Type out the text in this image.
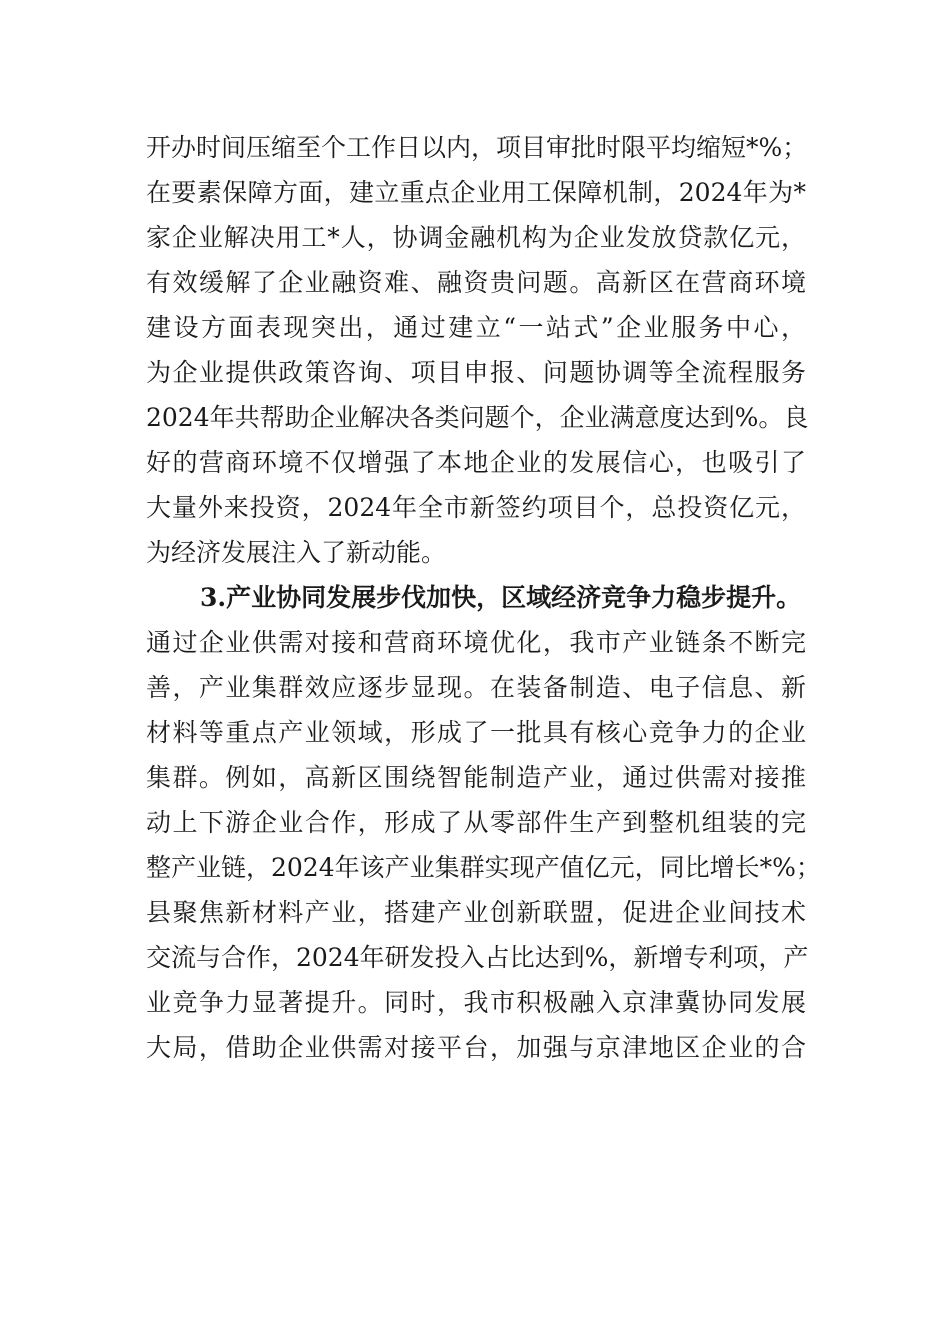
开办时间压缩至个工作日以内，项目审批时限平均缩短*%；
在要素保障方面，建立重点企业用工保障机制，2024年为*
家企业解决用工*人，协调金融机构为企业发放贷款亿元，
有效缓解了企业融资难、融资贵问题。高新区在营商环境
建设方面表现突出，通过建立“一站式”企业服务中心，
为企业提供政策咨询、项目申报、问题协调等全流程服务
2024年共帮助企业解决各类问题个，企业满意度达到%。良
好的营商环境不仅增强了本地企业的发展信心，也吸引了
大量外来投资，2024年全市新签约项目个，总投资亿元，
为经济发展注入了新动能。
3.产业协同发展步伐加快，区域经济竞争力稳步提升。
通过企业供需对接和营商环境优化，我市产业链条不断完
善，产业集群效应逐步显现。在装备制造、电子信息、新
材料等重点产业领域，形成了一批具有核心竞争力的企业
集群。例如，高新区围绕智能制造产业，通过供需对接推
动上下游企业合作，形成了从零部件生产到整机组装的完
整产业链，2024年该产业集群实现产值亿元，同比增长*%；
县聚焦新材料产业，搭建产业创新联盟，促进企业间技术
交流与合作，2024年研发投入占比达到%，新增专利项，产
业竞争力显著提升。同时，我市积极融入京津冀协同发展
大局，借助企业供需对接平台，加强与京津地区企业的合
